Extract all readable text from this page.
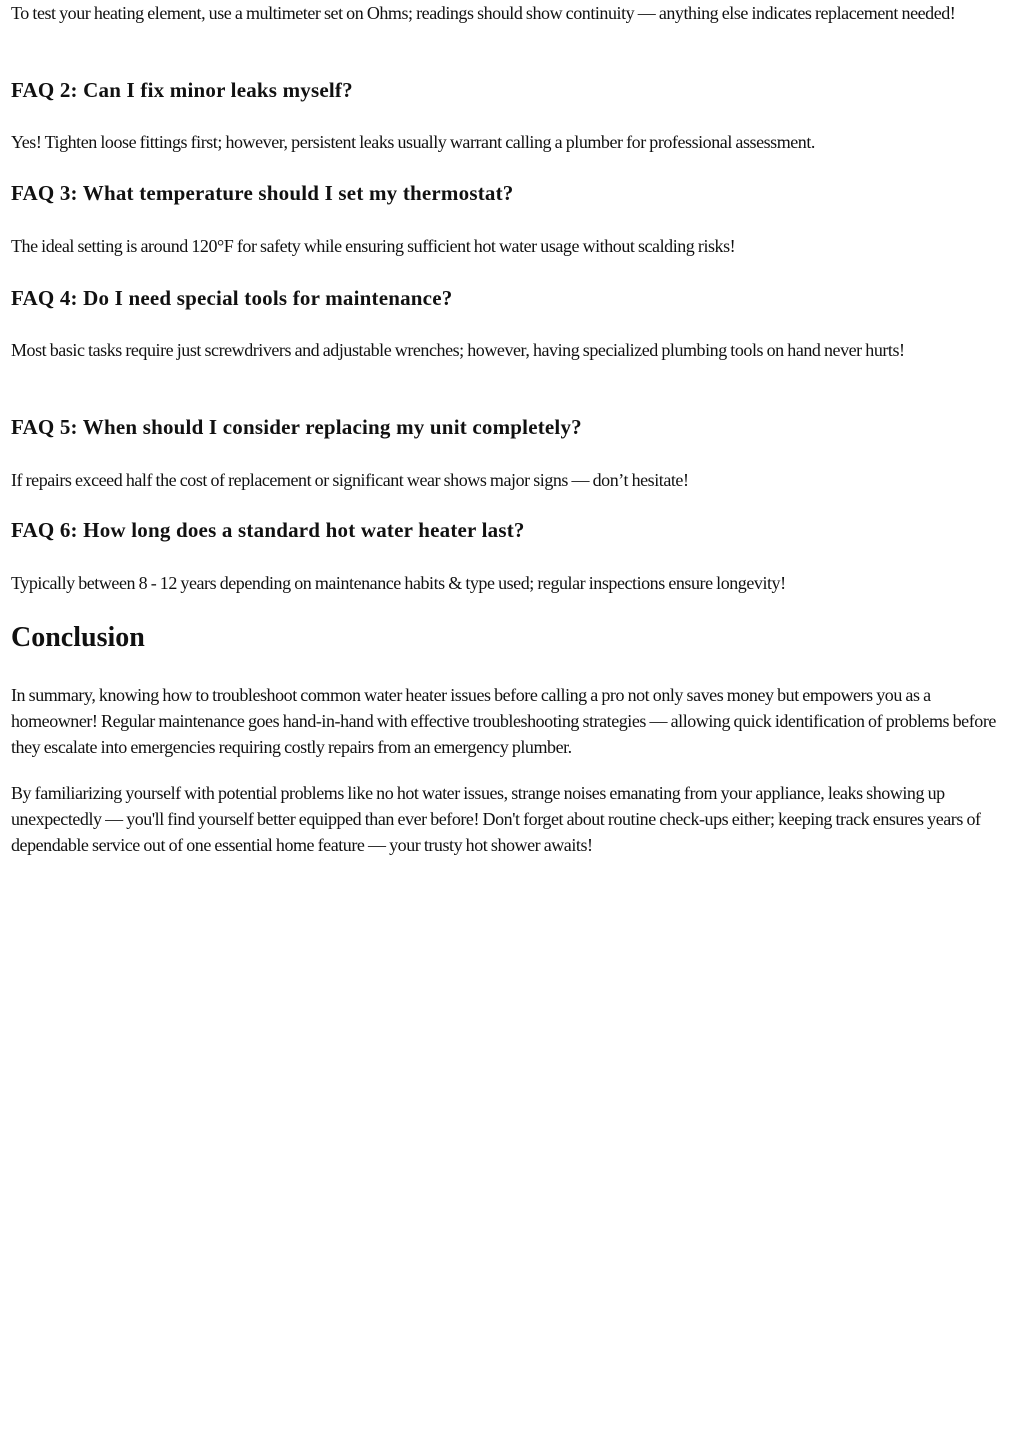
To test your heating element, use a multimeter set on Ohms; readings should show continuity — anything else indicates replacement needed!

FAQ 2: Can I fix minor leaks myself?

Yes! Tighten loose fittings first; however, persistent leaks usually warrant calling a plumber for professional assessment.

FAQ 3: What temperature should I set my thermostat?

The ideal setting is around 120°F for safety while ensuring sufficient hot water usage without scalding risks!

FAQ 4: Do I need special tools for maintenance?

Most basic tasks require just screwdrivers and adjustable wrenches; however, having specialized plumbing tools on hand never hurts!

FAQ 5: When should I consider replacing my unit completely?

If repairs exceed half the cost of replacement or significant wear shows major signs — don’t hesitate!

FAQ 6: How long does a standard hot water heater last?

Typically between 8 - 12 years depending on maintenance habits & type used; regular inspections ensure longevity!

Conclusion

In summary, knowing how to troubleshoot common water heater issues before calling a pro not only saves money but empowers you as a homeowner! Regular maintenance goes hand-in-hand with effective troubleshooting strategies — allowing quick identification of problems before they escalate into emergencies requiring costly repairs from an emergency plumber.

By familiarizing yourself with potential problems like no hot water issues, strange noises emanating from your appliance, leaks showing up unexpectedly — you'll find yourself better equipped than ever before! Don't forget about routine check-ups either; keeping track ensures years of dependable service out of one essential home feature — your trusty hot shower awaits!
